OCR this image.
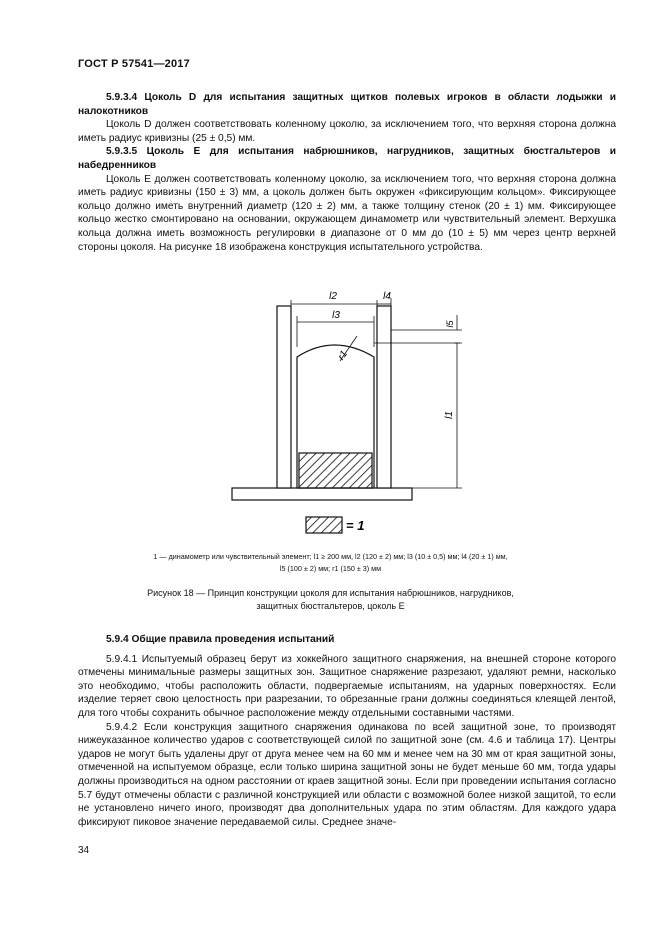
ГОСТ Р 57541—2017
5.9.3.4 Цоколь D для испытания защитных щитков полевых игроков в области лодыжки и налокотников
Цоколь D должен соответствовать коленному цоколю, за исключением того, что верхняя сторона должна иметь радиус кривизны (25 ± 0,5) мм.
5.9.3.5 Цоколь E для испытания набрюшников, нагрудников, защитных бюстгальтеров и набедренников
Цоколь E должен соответствовать коленному цоколю, за исключением того, что верхняя сторона должна иметь радиус кривизны (150 ± 3) мм, а цоколь должен быть окружен «фиксирующим кольцом». Фиксирующее кольцо должно иметь внутренний диаметр (120 ± 2) мм, а также толщину стенок (20 ± 1) мм. Фиксирующее кольцо жестко смонтировано на основании, окружающем динамометр или чувствительный элемент. Верхушка кольца должна иметь возможность регулировки в диапазоне от 0 мм до (10 ± 5) мм через центр верхней стороны цоколя. На рисунке 18 изображена конструкция испытательного устройства.
l2
l3
l4
l5
l1
r1
= 1
1 — динамометр или чувствительный элемент; l1 ≥ 200 мм, l2 (120 ± 2) мм; l3 (10 ± 0,5) мм; l4 (20 ± 1) мм,
l5 (100 ± 2) мм; r1 (150 ± 3) мм
Рисунок 18 — Принцип конструкции цоколя для испытания набрюшников, нагрудников,
защитных бюстгальтеров, цоколь E
5.9.4 Общие правила проведения испытаний
5.9.4.1 Испытуемый образец берут из хоккейного защитного снаряжения, на внешней стороне которого отмечены минимальные размеры защитных зон. Защитное снаряжение разрезают, удаляют ремни, насколько это необходимо, чтобы расположить области, подвергаемые испытаниям, на ударных поверхностях. Если изделие теряет свою целостность при разрезании, то обрезанные грани должны соединяться клеящей лентой, для того чтобы сохранить обычное расположение между отдельными составными частями.
5.9.4.2 Если конструкция защитного снаряжения одинакова по всей защитной зоне, то производят нижеуказанное количество ударов с соответствующей силой по защитной зоне (см. 4.6 и таблица 17). Центры ударов не могут быть удалены друг от друга менее чем на 60 мм и менее чем на 30 мм от края защитной зоны, отмеченной на испытуемом образце, если только ширина защитной зоны не будет меньше 60 мм, тогда удары должны производиться на одном расстоянии от краев защитной зоны. Если при проведении испытания согласно 5.7 будут отмечены области с различной конструкцией или области с возможной более низкой защитой, то если не установлено ничего иного, производят два дополнительных удара по этим областям. Для каждого удара фиксируют пиковое значение передаваемой силы. Среднее значе-
34
